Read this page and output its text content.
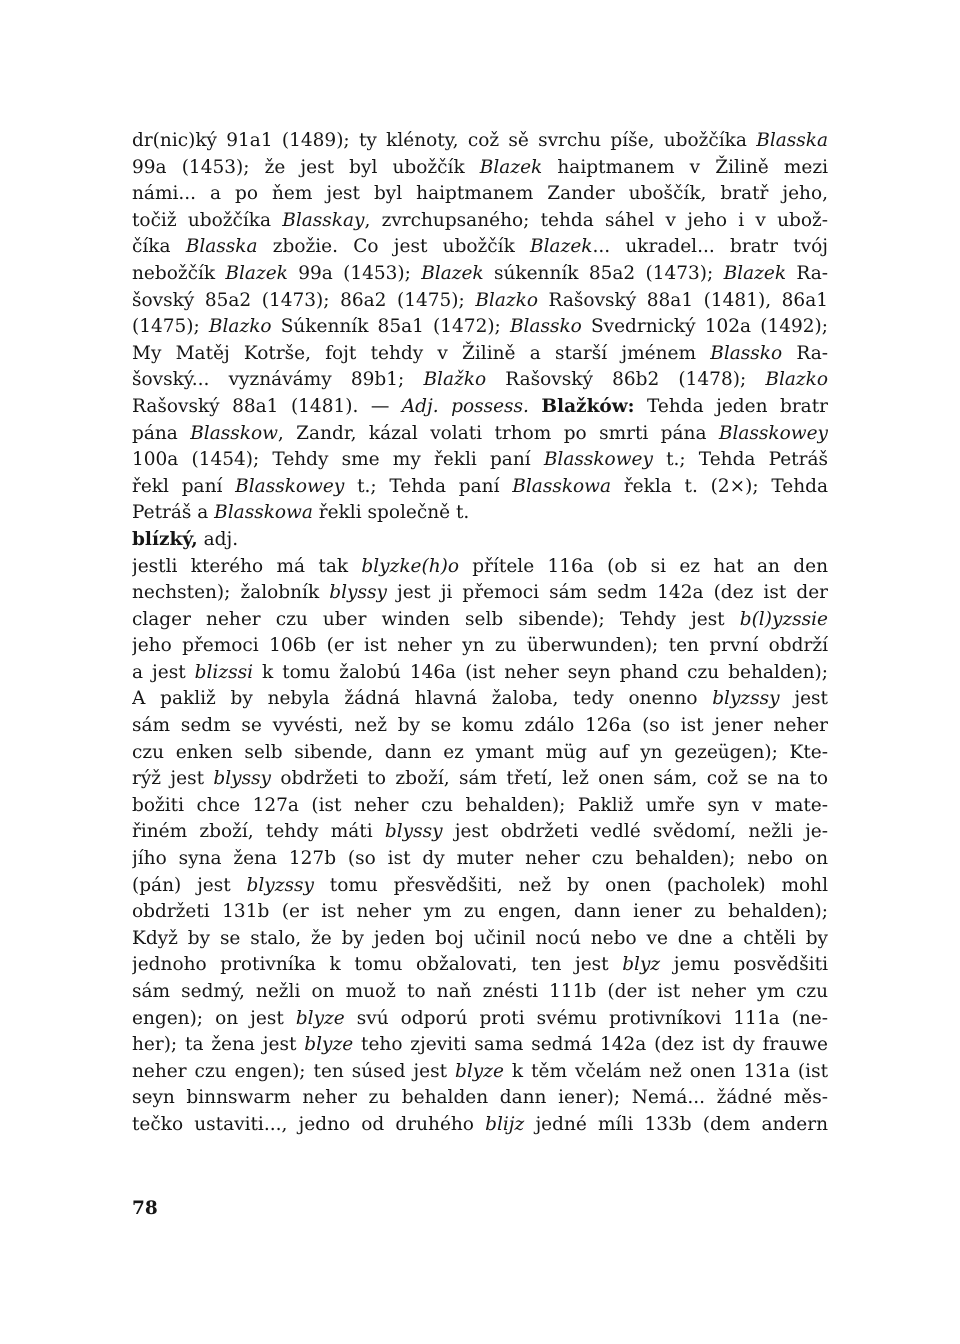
dr(nic)ký 91a1 (1489); ty klénoty, což sě svrchu píše, ubožčíka Blasska
99a (1453); že jest byl ubožčík Blazek haiptmanem v Žilině mezi
námi... a po ňem jest byl haiptmanem Zander uboščík, bratř jeho,
točiž ubožčíka Blasskay, zvrchupsaného; tehda sáhel v jeho i v ubož-
číka Blasska zbožie. Co jest ubožčík Blazek... ukradel... bratr tvój
nebožčík Blazek 99a (1453); Blazek súkenník 85a2 (1473); Blazek Ra-
šovský 85a2 (1473); 86a2 (1475); Blazko Rašovský 88a1 (1481), 86a1
(1475); Blazko Súkenník 85a1 (1472); Blassko Svedrnický 102a (1492);
My Matěj Kotrše, fojt tehdy v Žilině a starší jménem Blassko Ra-
šovský... vyznávámy 89b1; Blažko Rašovský 86b2 (1478); Blazko
Rašovský 88a1 (1481). — Adj. possess. Blažków: Tehda jeden bratr
pána Blasskow, Zandr, kázal volati trhom po smrti pána Blasskowey
100a (1454); Tehdy sme my řekli paní Blasskowey t.; Tehda Petráš
řekl paní Blasskowey t.; Tehda paní Blasskowa řekla t. (2×); Tehda
Petráš a Blasskowa řekli společně t.
blízký, adj.
jestli kterého má tak blyzke(h)o přítele 116a (ob si ez hat an den
nechsten); žalobník blyssy jest ji přemoci sám sedm 142a (dez ist der
clager neher czu uber winden selb sibende); Tehdy jest b(l)yzssie
jeho přemoci 106b (er ist neher yn zu überwunden); ten první obdrží
a jest blizssi k tomu žalobú 146a (ist neher seyn phand czu behalden);
A pakliž by nebyla žádná hlavná žaloba, tedy onenno blyzssy jest
sám sedm se vyvésti, než by se komu zdálo 126a (so ist jener neher
czu enken selb sibende, dann ez ymant müg auf yn gezeügen); Kte-
rýž jest blyssy obdržeti to zboží, sám třetí, lež onen sám, což se na to
božiti chce 127a (ist neher czu behalden); Pakliž umře syn v mate-
řiném zboží, tehdy máti blyssy jest obdržeti vedlé svědomí, nežli je-
jího syna žena 127b (so ist dy muter neher czu behalden); nebo on
(pán) jest blyzssy tomu přesvědšiti, než by onen (pacholek) mohl
obdržeti 131b (er ist neher ym zu engen, dann iener zu behalden);
Když by se stalo, že by jeden boj učinil nocú nebo ve dne a chtěli by
jednoho protivníka k tomu obžalovati, ten jest blyz jemu posvědšiti
sám sedmý, nežli on muož to naň znésti 111b (der ist neher ym czu
engen); on jest blyze svú odporú proti svému protivníkovi 111a (ne-
her); ta žena jest blyze teho zjeviti sama sedmá 142a (dez ist dy frauwe
neher czu engen); ten súsed jest blyze k těm včelám než onen 131a (ist
seyn binnswarm neher zu behalden dann iener); Nemá... žádné měs-
tečko ustaviti..., jedno od druhého blijz jedné míli 133b (dem andern
78
